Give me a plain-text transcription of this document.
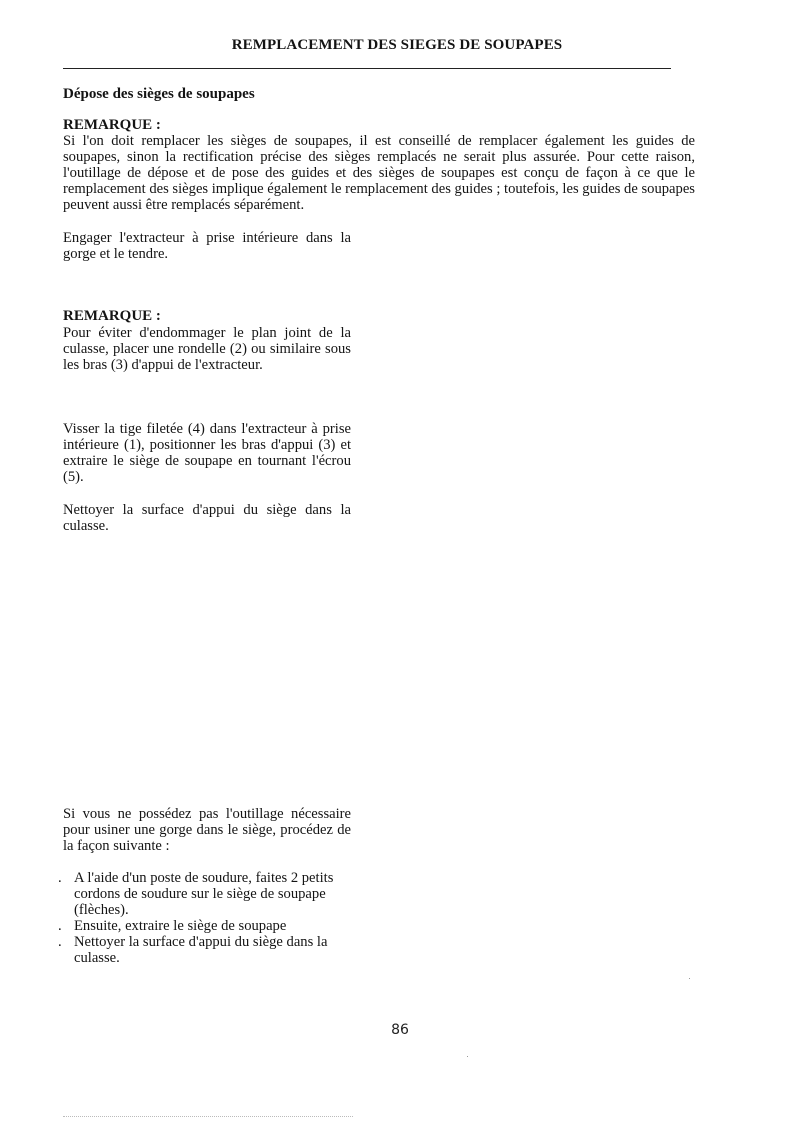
REMPLACEMENT DES SIEGES DE SOUPAPES
Dépose des sièges de soupapes
REMARQUE :
Si l'on doit remplacer les sièges de soupapes, il est conseillé de remplacer également les guides de soupapes, sinon la rectification précise des sièges remplacés ne serait plus assurée. Pour cette raison, l'outillage de dépose et de pose des guides et des sièges de soupapes est conçu de façon à ce que le remplacement des sièges implique également le remplacement des guides ; toutefois, les guides de soupapes peuvent aussi être remplacés séparément.
Engager l'extracteur à prise intérieure dans la gorge et le tendre.
REMARQUE :
Pour éviter d'endommager le plan joint de la culasse, placer une rondelle (2) ou similaire sous les bras (3) d'appui de l'extracteur.
Visser la tige filetée (4) dans l'extracteur à prise intérieure (1), positionner les bras d'appui (3) et extraire le siège de soupape en tournant l'écrou (5).
Nettoyer la surface d'appui du siège dans la culasse.
Si vous ne possédez pas l'outillage nécessaire pour usiner une gorge dans le siège, procédez de la façon suivante :
. A l'aide d'un poste de soudure, faites 2 petits cordons de soudure sur le siège de soupape (flèches).
. Ensuite, extraire le siège de soupape
. Nettoyer la surface d'appui du siège dans la culasse.
86
